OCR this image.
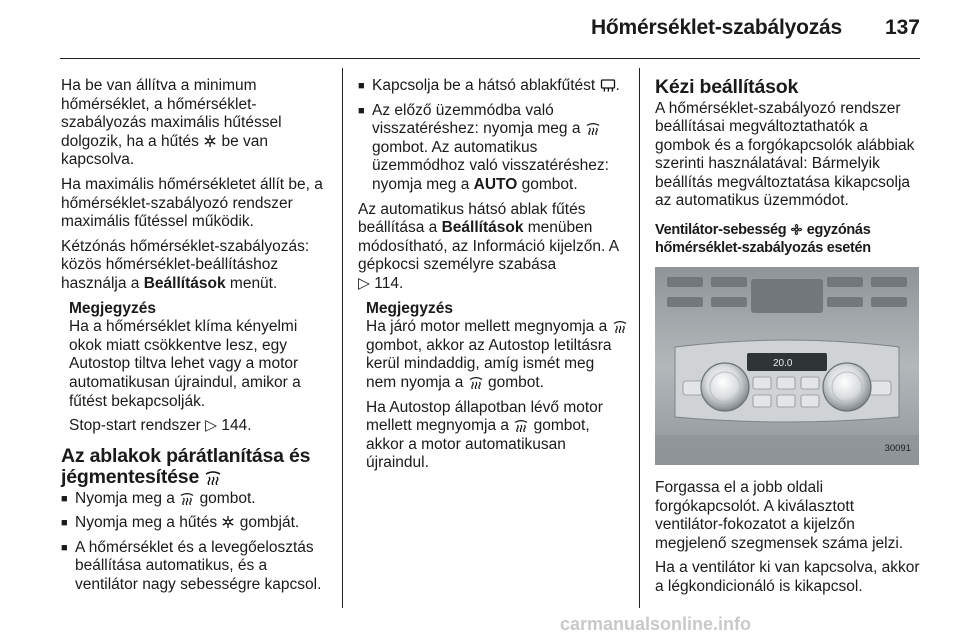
Hőmérséklet-szabályozás 137

Ha be van állítva a minimum hőmérséklet, a hőmérséklet-szabályozás maximális hűtéssel dolgozik, ha a hűtés be van kapcsolva.

Ha maximális hőmérsékletet állít be, a hőmérséklet-szabályozó rendszer maximális fűtéssel működik.

Kétzónás hőmérséklet-szabályozás: közös hőmérséklet-beállításhoz használja a Beállítások menüt.

Megjegyzés

Ha a hőmérséklet klíma kényelmi okok miatt csökkentve lesz, egy Autostop tiltva lehet vagy a motor automatikusan újraindul, amikor a fűtést bekapcsolják.

Stop-start rendszer ▷ 144.

Az ablakok párátlanítása és jégmentesítése
■ Nyomja meg a gombot.
■ Nyomja meg a hűtés gombját.
■ A hőmérséklet és a levegőelosztás beállítása automatikus, és a ventilátor nagy sebességre kapcsol.
■ Kapcsolja be a hátsó ablakfűtést .
■ Az előző üzemmódba való visszatéréshez: nyomja meg a  gombot. Az automatikus üzemmódhoz való visszatéréshez: nyomja meg a AUTO gombot.

Az automatikus hátsó ablak fűtés beállítása a Beállítások menüben módosítható, az Információ kijelzőn. A gépkocsi személyre szabása
▷ 114.

Megjegyzés

Ha járó motor mellett megnyomja a  gombot, akkor az Autostop letiltásra kerül mindaddig, amíg ismét meg nem nyomja a gombot.

Ha Autostop állapotban lévő motor mellett megnyomja a gombot, akkor a motor automatikusan újraindul.

Kézi beállítások

A hőmérséklet-szabályozó rendszer beállításai megváltoztathatók a gombok és a forgókapcsolók alábbiak szerinti használatával: Bármelyik beállítás megváltoztatása kikapcsolja az automatikus üzemmódot.

Ventilátor-sebesség egyzónás hőmérséklet-szabályozás esetén
20.0
30091

Forgassa el a jobb oldali forgókapcsolót. A kiválasztott ventilátor-fokozatot a kijelzőn megjelenő szegmensek száma jelzi.

Ha a ventilátor ki van kapcsolva, akkor a légkondicionáló is kikapcsol.

carmanualsonline.info
